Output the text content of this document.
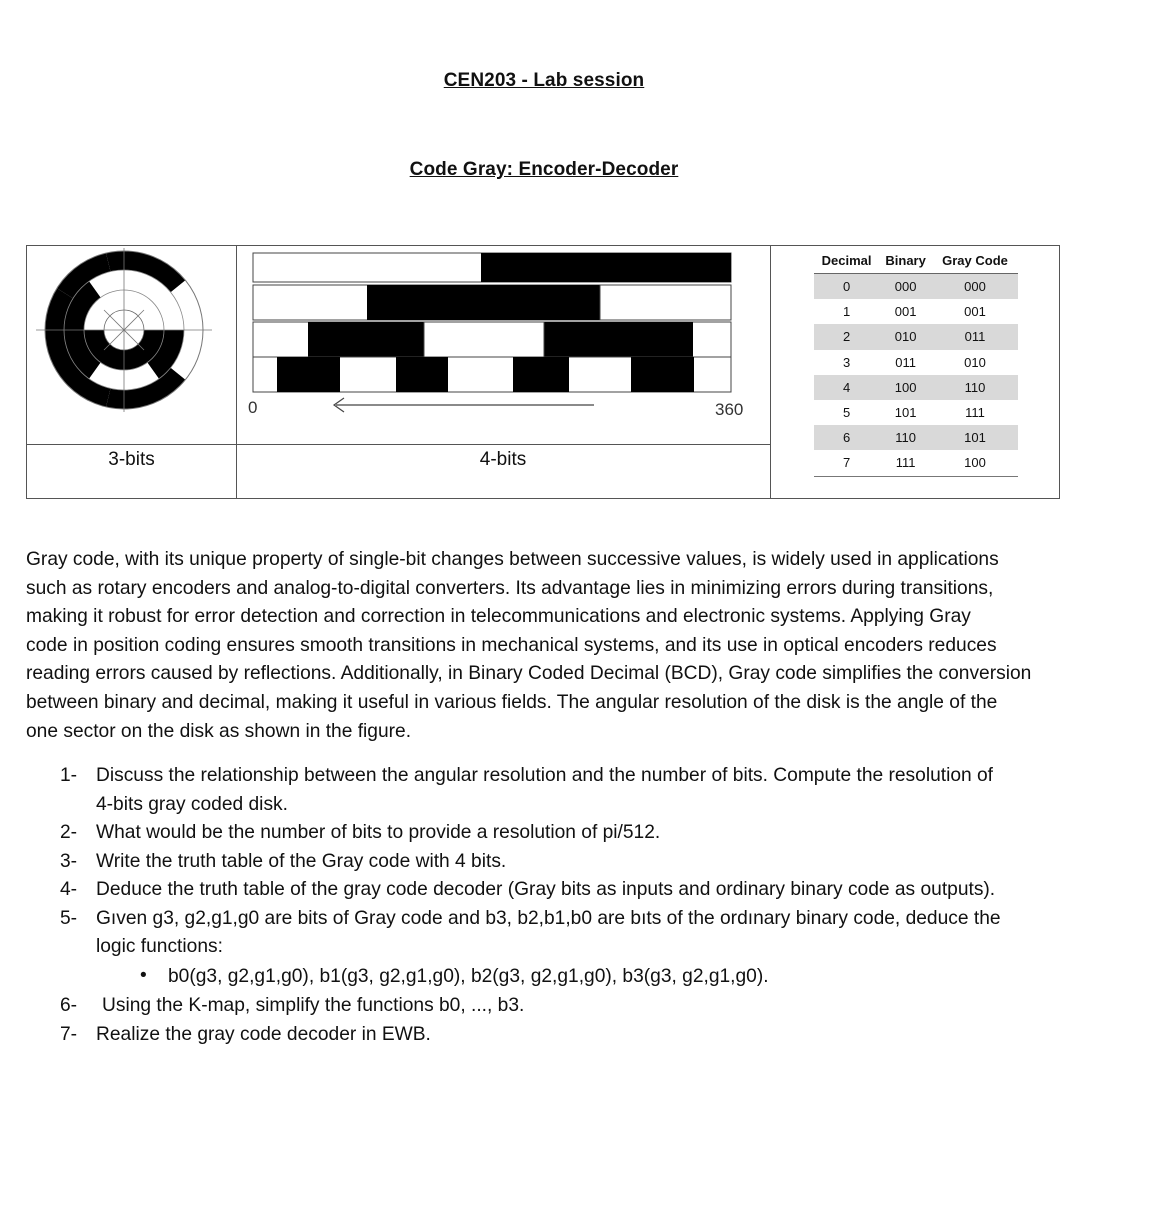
CEN203 - Lab session
Code Gray: Encoder-Decoder
3-bits	4-bits
0	360
Decimal	Binary	Gray Code
0	000	000
1	001	001
2	010	011
3	011	010
4	100	110
5	101	111
6	110	101
7	111	100
Gray code, with its unique property of single-bit changes between successive values, is widely used in applications
such as rotary encoders and analog-to-digital converters. Its advantage lies in minimizing errors during transitions,
making it robust for error detection and correction in telecommunications and electronic systems. Applying Gray
code in position coding ensures smooth transitions in mechanical systems, and its use in optical encoders reduces
reading errors caused by reflections. Additionally, in Binary Coded Decimal (BCD), Gray code simplifies the conversion
between binary and decimal, making it useful in various fields. The angular resolution of the disk is the angle of the
one sector on the disk as shown in the figure.
1- Discuss the relationship between the angular resolution and the number of bits. Compute the resolution of
4-bits gray coded disk.
2- What would be the number of bits to provide a resolution of pi/512.
3- Write the truth table of the Gray code with 4 bits.
4- Deduce the truth table of the gray code decoder (Gray bits as inputs and ordinary binary code as outputs).
5- Gıven g3, g2,g1,g0 are bits of Gray code and b3, b2,b1,b0 are bıts of the ordınary binary code, deduce the
logic functions:
• b0(g3, g2,g1,g0), b1(g3, g2,g1,g0), b2(g3, g2,g1,g0), b3(g3, g2,g1,g0).
6- Using the K-map, simplify the functions b0, ..., b3.
7- Realize the gray code decoder in EWB.
